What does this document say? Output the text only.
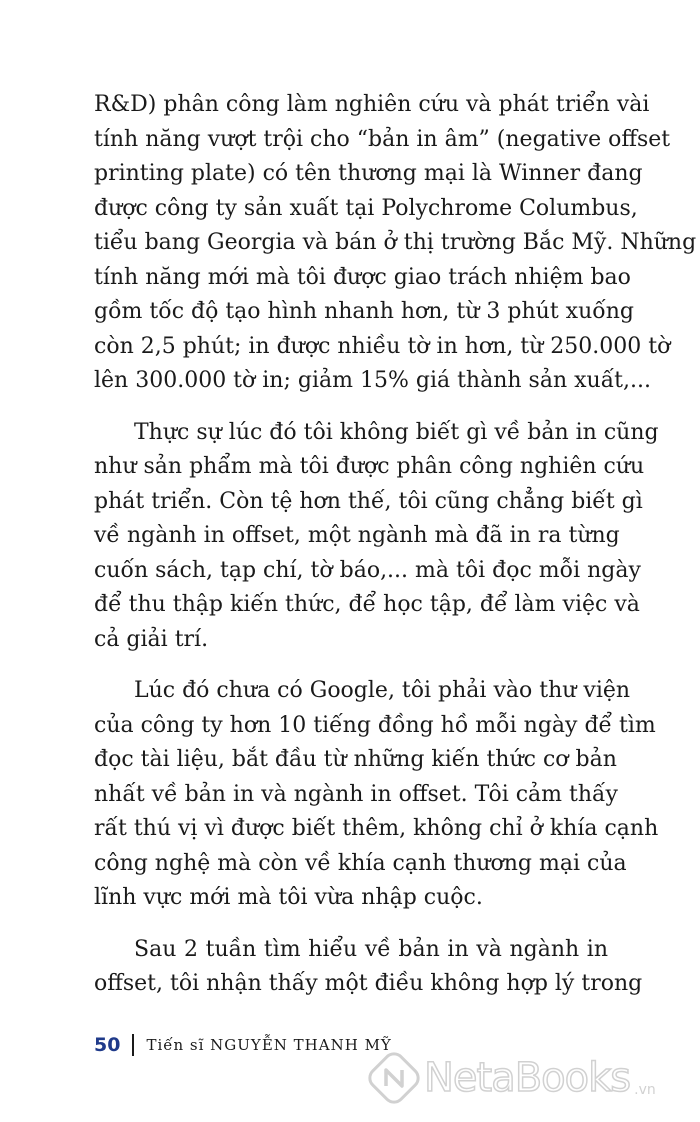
R&D) phân công làm nghiên cứu và phát triển vài
tính năng vượt trội cho “bản in âm” (negative offset
printing plate) có tên thương mại là Winner đang
được công ty sản xuất tại Polychrome Columbus,
tiểu bang Georgia và bán ở thị trường Bắc Mỹ. Những
tính năng mới mà tôi được giao trách nhiệm bao
gồm tốc độ tạo hình nhanh hơn, từ 3 phút xuống
còn 2,5 phút; in được nhiều tờ in hơn, từ 250.000 tờ
lên 300.000 tờ in; giảm 15% giá thành sản xuất,...
Thực sự lúc đó tôi không biết gì về bản in cũng
như sản phẩm mà tôi được phân công nghiên cứu
phát triển. Còn tệ hơn thế, tôi cũng chẳng biết gì
về ngành in offset, một ngành mà đã in ra từng
cuốn sách, tạp chí, tờ báo,... mà tôi đọc mỗi ngày
để thu thập kiến thức, để học tập, để làm việc và
cả giải trí.
Lúc đó chưa có Google, tôi phải vào thư viện
của công ty hơn 10 tiếng đồng hồ mỗi ngày để tìm
đọc tài liệu, bắt đầu từ những kiến thức cơ bản
nhất về bản in và ngành in offset. Tôi cảm thấy
rất thú vị vì được biết thêm, không chỉ ở khía cạnh
công nghệ mà còn về khía cạnh thương mại của
lĩnh vực mới mà tôi vừa nhập cuộc.
Sau 2 tuần tìm hiểu về bản in và ngành in
offset, tôi nhận thấy một điều không hợp lý trong
50 Tiến sĩ NGUYỄN THANH MỸ
NetaBooks .vn
